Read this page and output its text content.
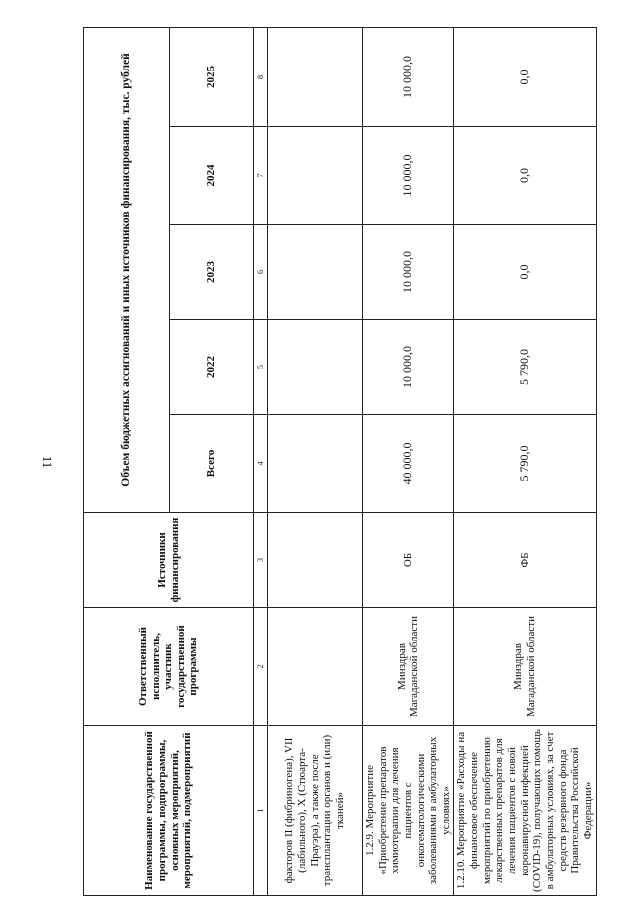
11
Наименование государственной программы, подпрограммы, основных мероприятий, мероприятий, подмероприятий	Ответственный исполнитель, участник государственной программы	Источники финансирования	Объем бюджетных ассигнований и иных источников финансирования, тыс. рублей				
			Всего	2022	2023	2024	2025
1	2	3	4	5	6	7	8
факторов II (фибриногена), VII (лабильного), X (Стюарта-Прауэра), а также после трансплантации органов и (или) тканей»							
1.2.9. Мероприятие «Приобретение препаратов химиотерапии для лечения пациентов с онкогематологическими заболеваниями в амбулаторных условиях»	Минздрав Магаданской области	ОБ	40 000,0	10 000,0	10 000,0	10 000,0	10 000,0
1.2.10. Мероприятие «Расходы на финансовое обеспечение мероприятий по приобретению лекарственных препаратов для лечения пациентов с новой коронавирусной инфекцией (COVID-19), получающих помощь в амбулаторных условиях, за счет средств резервного фонда Правительства Российской Федерации»	Минздрав Магаданской области	ФБ	5 790,0	5 790,0	0,0	0,0	0,0
